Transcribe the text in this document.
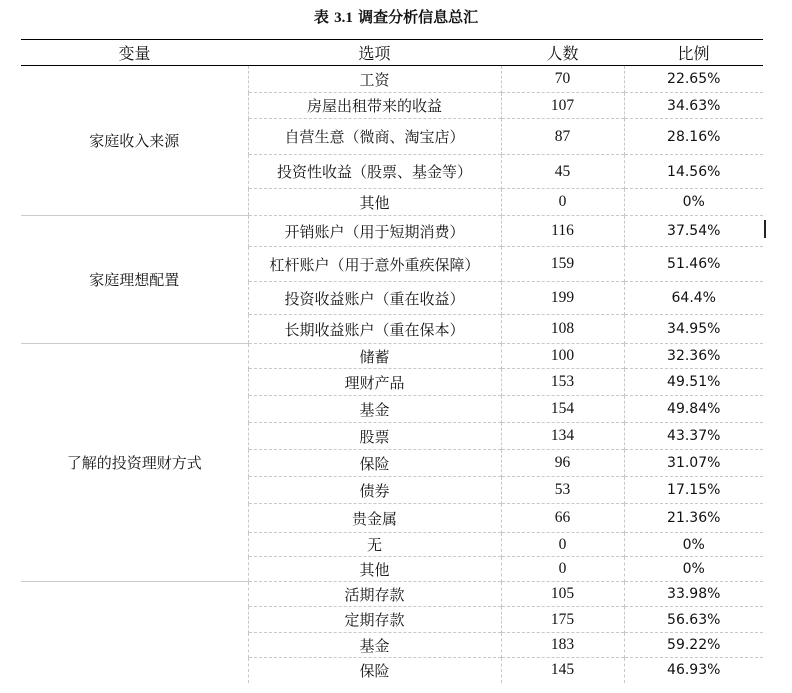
表 3.1 调查分析信息总汇
变量	选项	人数	比例
家庭收入来源	工资	70	22.65%
	房屋出租带来的收益	107	34.63%
	自营生意（微商、淘宝店）	87	28.16%
	投资性收益（股票、基金等）	45	14.56%
	其他	0	0%
家庭理想配置	开销账户（用于短期消费）	116	37.54%
	杠杆账户（用于意外重疾保障）	159	51.46%
	投资收益账户（重在收益）	199	64.4%
	长期收益账户（重在保本）	108	34.95%
了解的投资理财方式	储蓄	100	32.36%
	理财产品	153	49.51%
	基金	154	49.84%
	股票	134	43.37%
	保险	96	31.07%
	债券	53	17.15%
	贵金属	66	21.36%
	无	0	0%
	其他	0	0%
	活期存款	105	33.98%
	定期存款	175	56.63%
	基金	183	59.22%
	保险	145	46.93%
